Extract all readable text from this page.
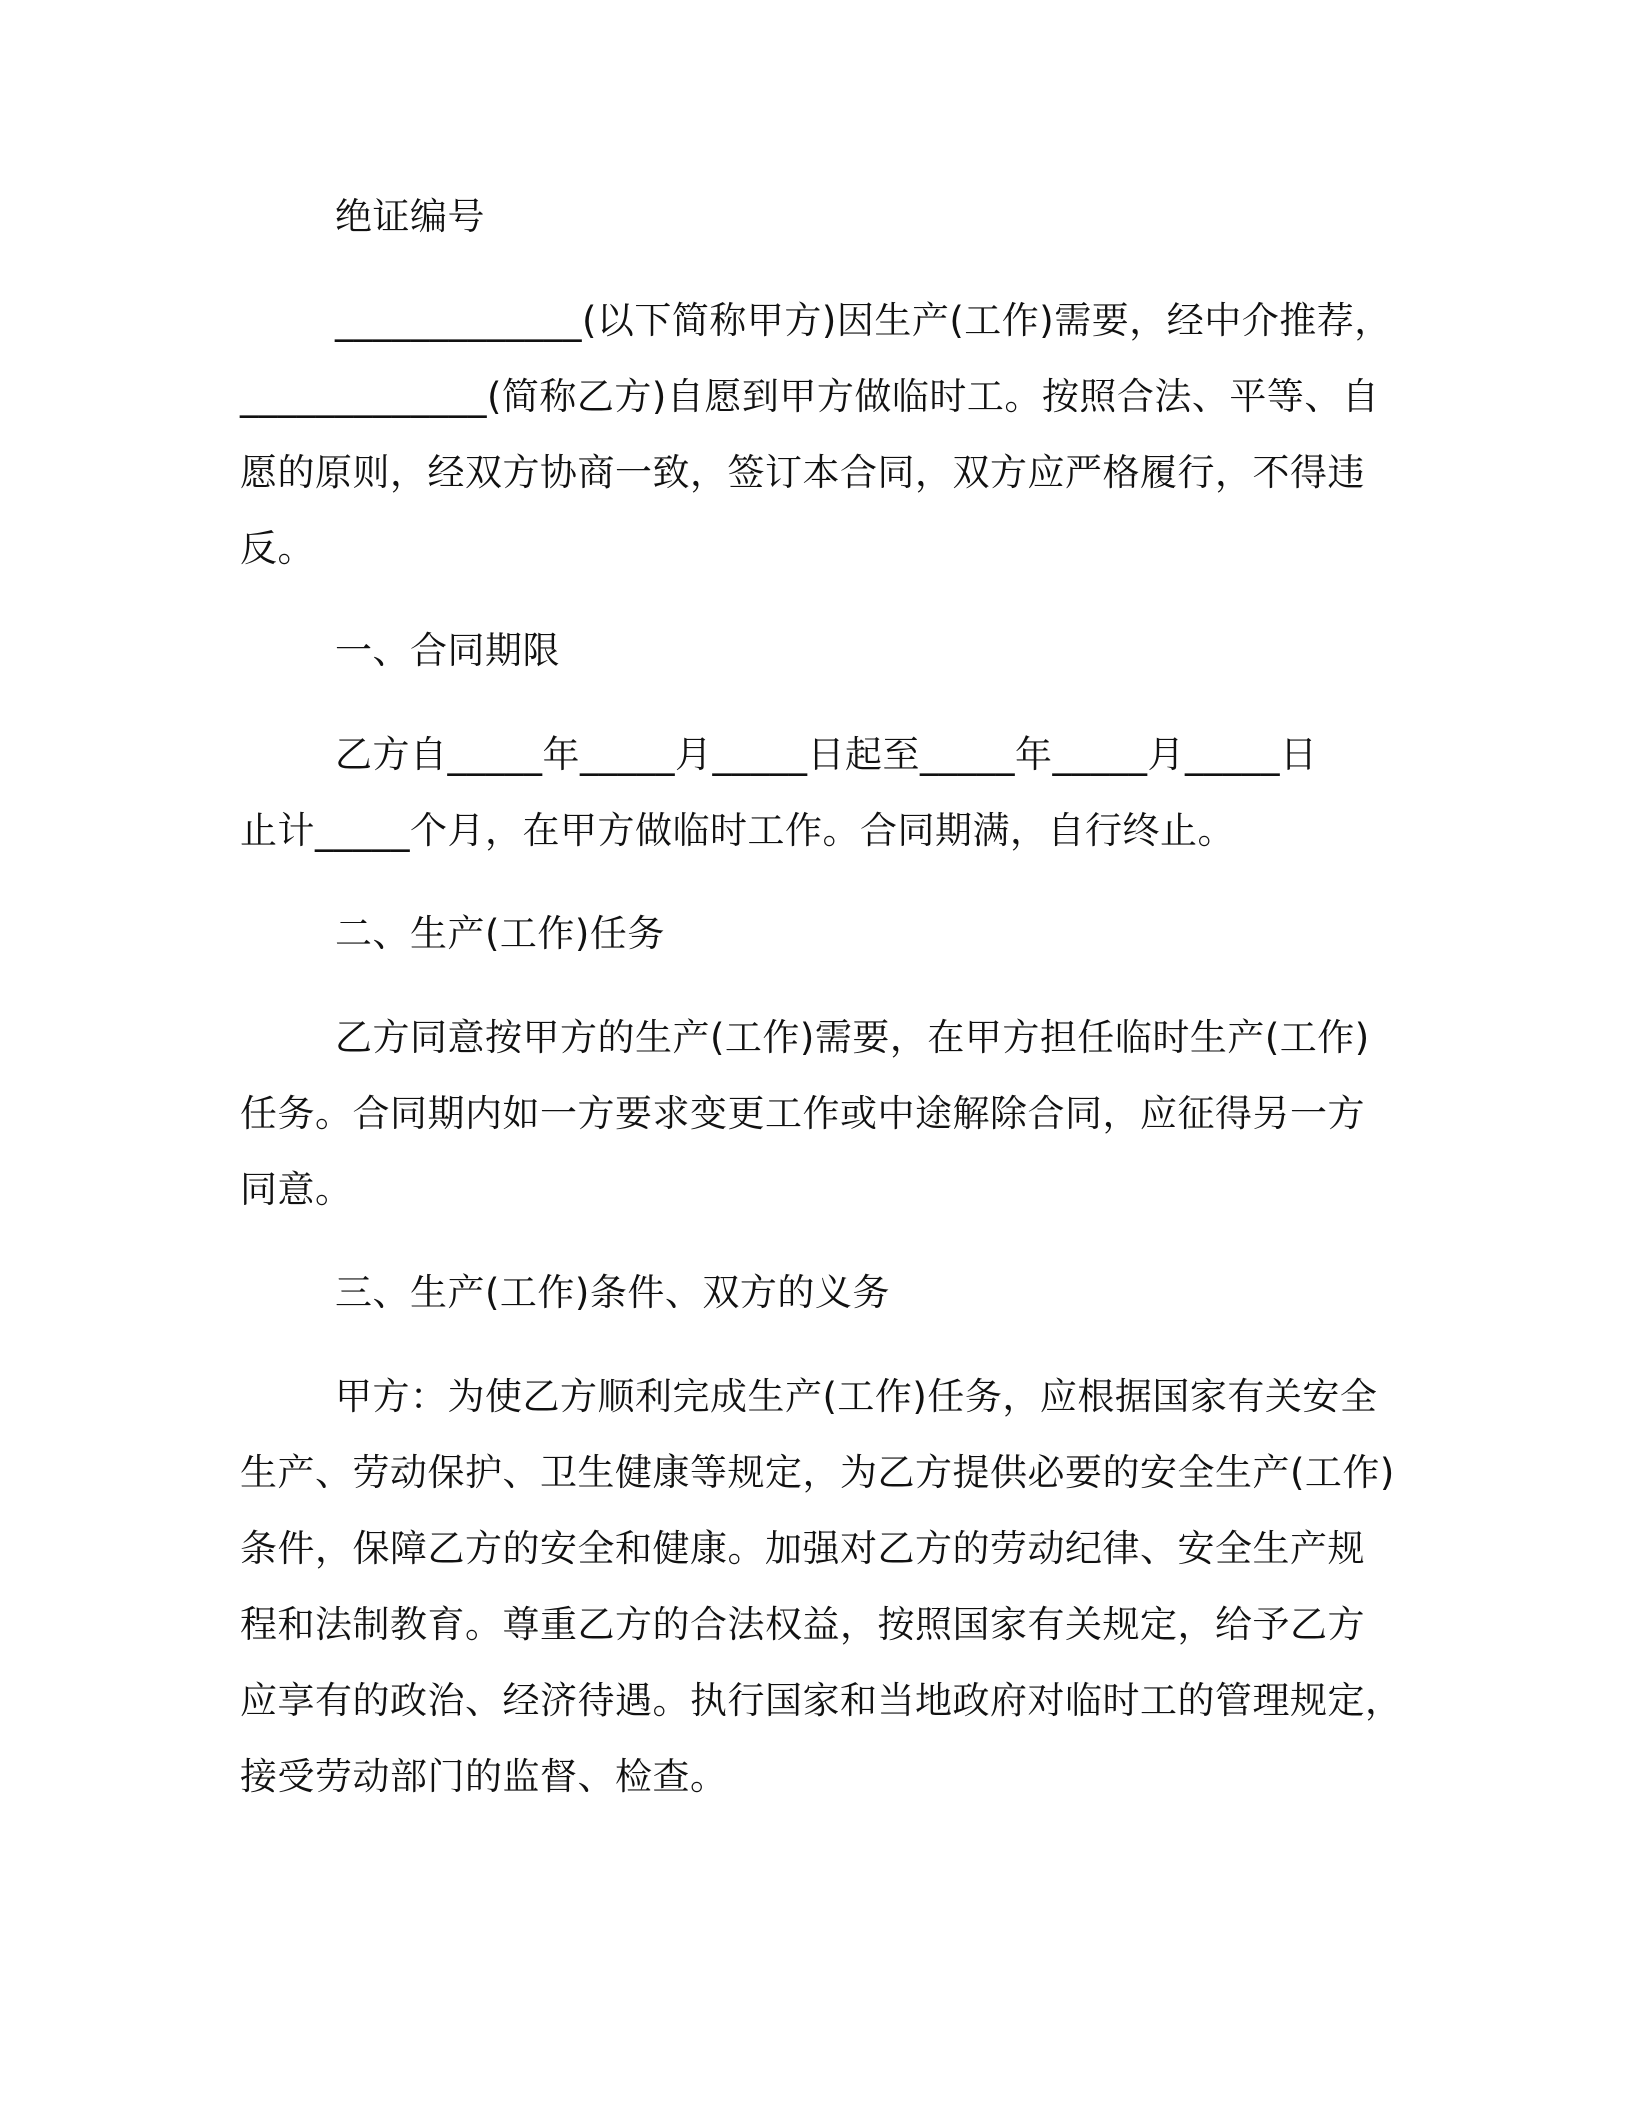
绝证编号

_____________(以下简称甲方)因生产(工作)需要，经中介推荐，

_____________(简称乙方)自愿到甲方做临时工。按照合法、平等、自

愿的原则，经双方协商一致，签订本合同，双方应严格履行，不得违

反。

一、合同期限

乙方自_____年_____月_____日起至_____年_____月_____日

止计_____个月，在甲方做临时工作。合同期满，自行终止。

二、生产(工作)任务

乙方同意按甲方的生产(工作)需要，在甲方担任临时生产(工作)

任务。合同期内如一方要求变更工作或中途解除合同，应征得另一方

同意。

三、生产(工作)条件、双方的义务

甲方：为使乙方顺利完成生产(工作)任务，应根据国家有关安全

生产、劳动保护、卫生健康等规定，为乙方提供必要的安全生产(工作)

条件，保障乙方的安全和健康。加强对乙方的劳动纪律、安全生产规

程和法制教育。尊重乙方的合法权益，按照国家有关规定，给予乙方

应享有的政治、经济待遇。执行国家和当地政府对临时工的管理规定，

接受劳动部门的监督、检查。
